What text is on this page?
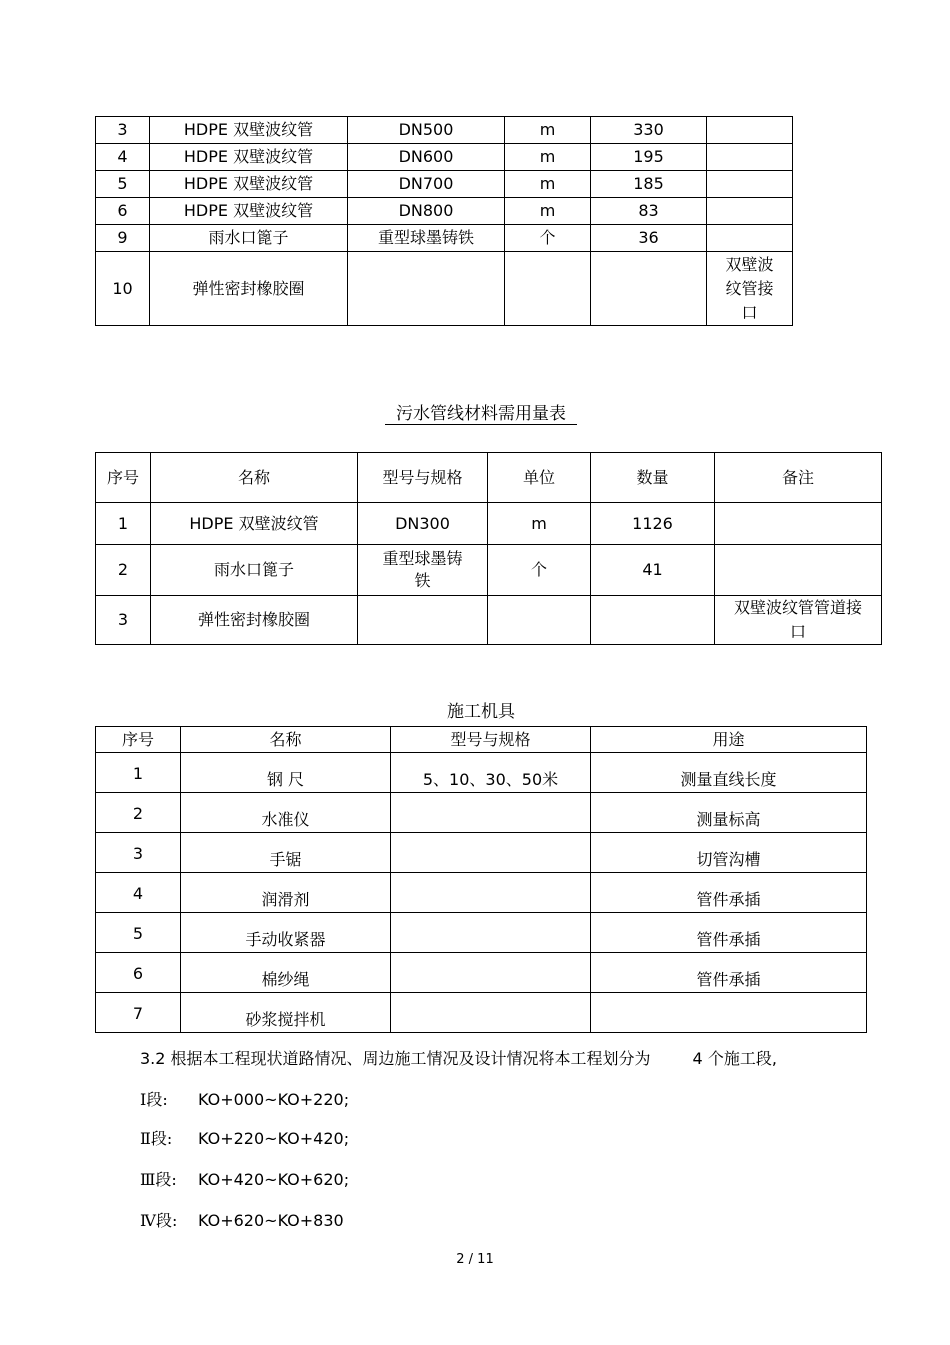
3	HDPE 双壁波纹管	DN500	m	330	
4	HDPE 双壁波纹管	DN600	m	195	
5	HDPE 双壁波纹管	DN700	m	185	
6	HDPE 双壁波纹管	DN800	m	83	
9	雨水口篦子	重型球墨铸铁	个	36	
10	弹性密封橡胶圈				双壁波纹管接口
污水管线材料需用量表
序号	名称	型号与规格	单位	数量	备注
1	HDPE 双壁波纹管	DN300	m	1126	
2	雨水口篦子	重型球墨铸铁	个	41	
3	弹性密封橡胶圈				双壁波纹管管道接口
施工机具
序号	名称	型号与规格	用途
1	钢 尺	5、10、30、50米	测量直线长度
2	水准仪		测量标高
3	手锯		切管沟槽
4	润滑剂		管件承插
5	手动收紧器		管件承插
6	棉纱绳		管件承插
7	砂浆搅拌机		
3.2 根据本工程现状道路情况、周边施工情况及设计情况将本工程划分为	4 个施工段,
Ⅰ段: KO+000~KO+220;
Ⅱ段: KO+220~KO+420;
Ⅲ段: KO+420~KO+620;
Ⅳ段: KO+620~KO+830
2 / 11
